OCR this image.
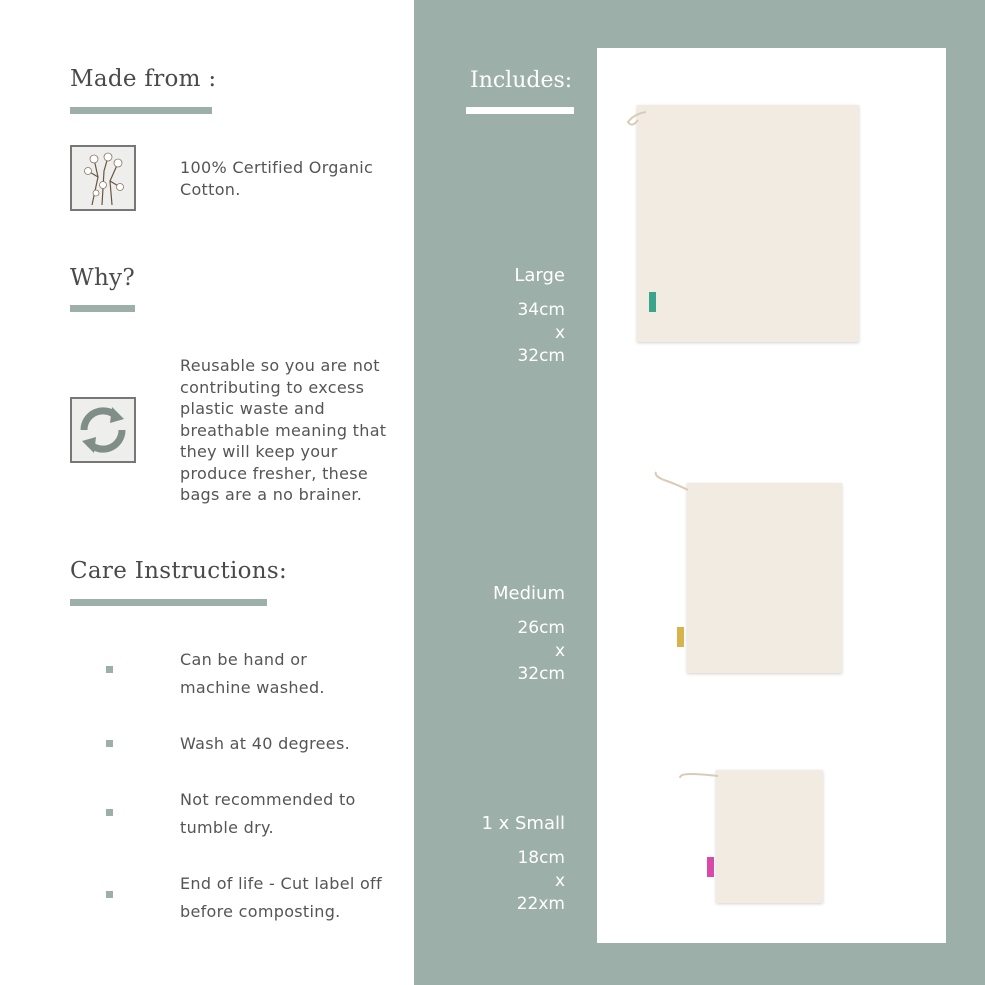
Made from :
100% Certified Organic Cotton.
Why?
Reusable so you are not contributing to excess plastic waste and breathable meaning that they will keep your produce fresher, these bags are a no brainer.
Care Instructions:
Can be hand or machine washed.
Wash at 40 degrees.
Not recommended to tumble dry.
End of life - Cut label off before composting.
Includes:
Large
34cm
x
32cm
Medium
26cm
x
32cm
1 x Small
18cm
x
22xm
